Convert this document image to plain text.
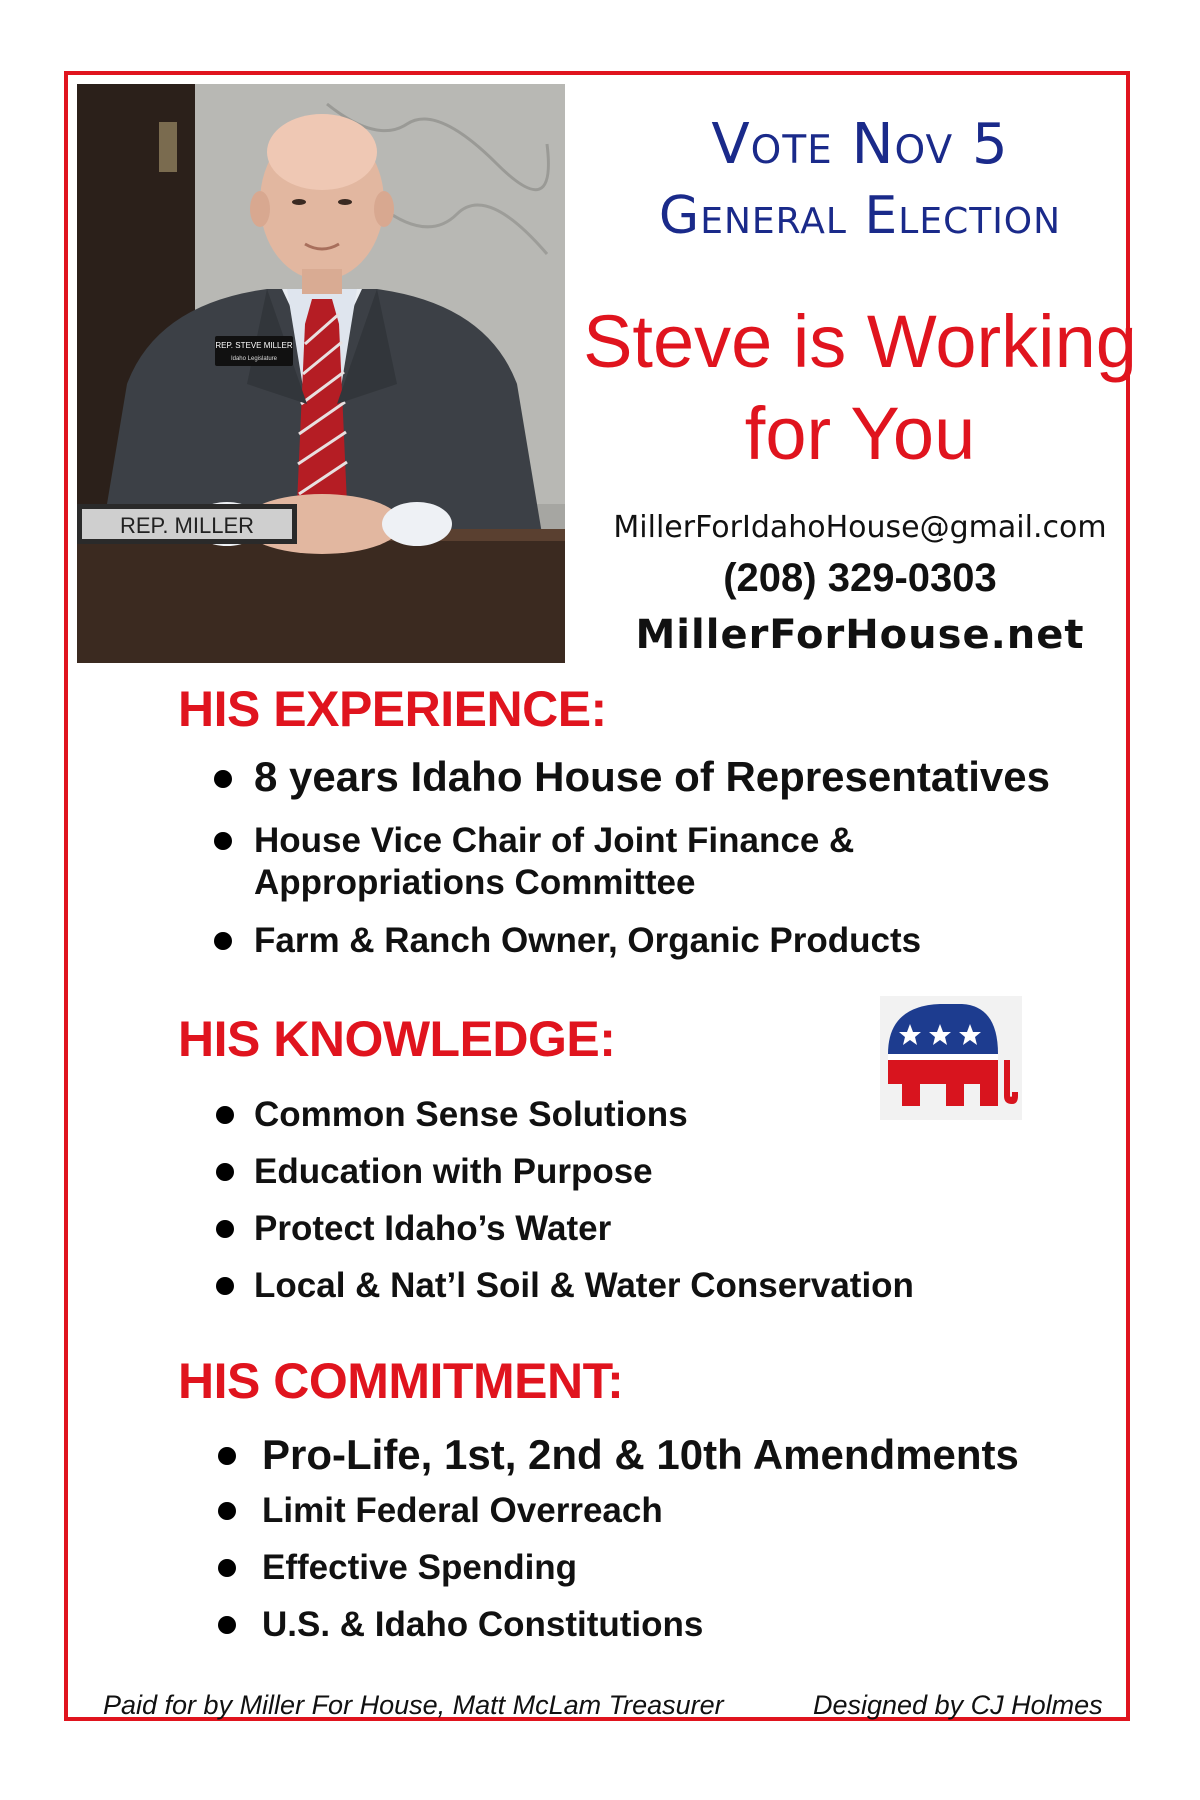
REP. STEVE MILLER
Idaho Legislature
REP. MILLER
Vote Nov 5
General Election
Steve is Working
for You
MillerForIdahoHouse@gmail.com
(208) 329-0303
MillerForHouse.net
HIS EXPERIENCE:
8 years Idaho House of Representatives
House Vice Chair of Joint Finance &
Appropriations Committee
Farm & Ranch Owner, Organic Products
HIS KNOWLEDGE:
Common Sense Solutions
Education with Purpose
Protect Idaho’s Water
Local & Nat’l Soil & Water Conservation
HIS COMMITMENT:
Pro-Life, 1st, 2nd & 10th Amendments
Limit Federal Overreach
Effective Spending
U.S. & Idaho Constitutions
Paid for by Miller For House, Matt McLam Treasurer	Designed by CJ Holmes
